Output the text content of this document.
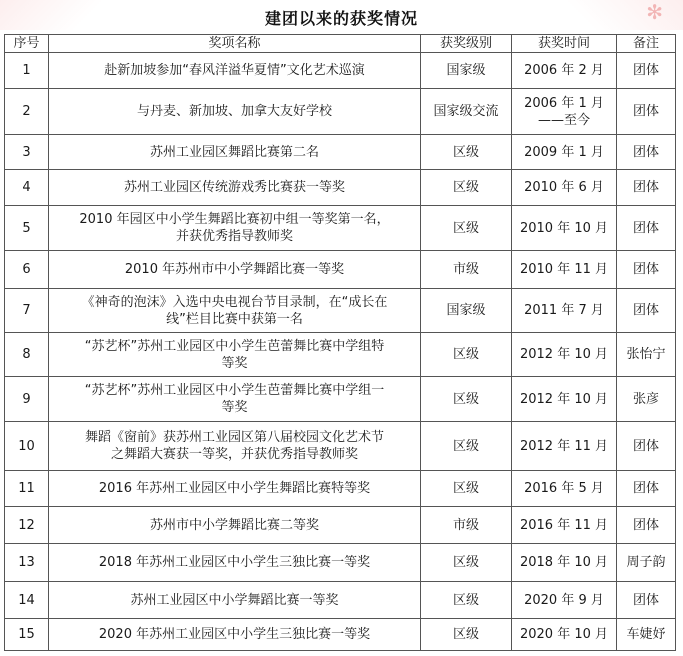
✻
建团以来的获奖情况
序号	奖项名称	获奖级别	获奖时间	备注
1	赴新加坡参加“春风洋溢华夏情”文化艺术巡演	国家级	2006 年 2 月	团体
2	与丹麦、新加坡、加拿大友好学校	国家级交流	2006 年 1 月
——至今	团体
3	苏州工业园区舞蹈比赛第二名	区级	2009 年 1 月	团体
4	苏州工业园区传统游戏秀比赛获一等奖	区级	2010 年 6 月	团体
5	2010 年园区中小学生舞蹈比赛初中组一等奖第一名，
并获优秀指导教师奖	区级	2010 年 10 月	团体
6	2010 年苏州市中小学舞蹈比赛一等奖	市级	2010 年 11 月	团体
7	《神奇的泡沫》入选中央电视台节目录制，在“成长在
线”栏目比赛中获第一名	国家级	2011 年 7 月	团体
8	“苏艺杯”苏州工业园区中小学生芭蕾舞比赛中学组特
等奖	区级	2012 年 10 月	张怡宁
9	“苏艺杯”苏州工业园区中小学生芭蕾舞比赛中学组一
等奖	区级	2012 年 10 月	张彦
10	舞蹈《窗前》获苏州工业园区第八届校园文化艺术节
之舞蹈大赛获一等奖，并获优秀指导教师奖	区级	2012 年 11 月	团体
11	2016 年苏州工业园区中小学生舞蹈比赛特等奖	区级	2016 年 5 月	团体
12	苏州市中小学舞蹈比赛二等奖	市级	2016 年 11 月	团体
13	2018 年苏州工业园区中小学生三独比赛一等奖	区级	2018 年 10 月	周子韵
14	苏州工业园区中小学舞蹈比赛一等奖	区级	2020 年 9 月	团体
15	2020 年苏州工业园区中小学生三独比赛一等奖	区级	2020 年 10 月	车婕妤
